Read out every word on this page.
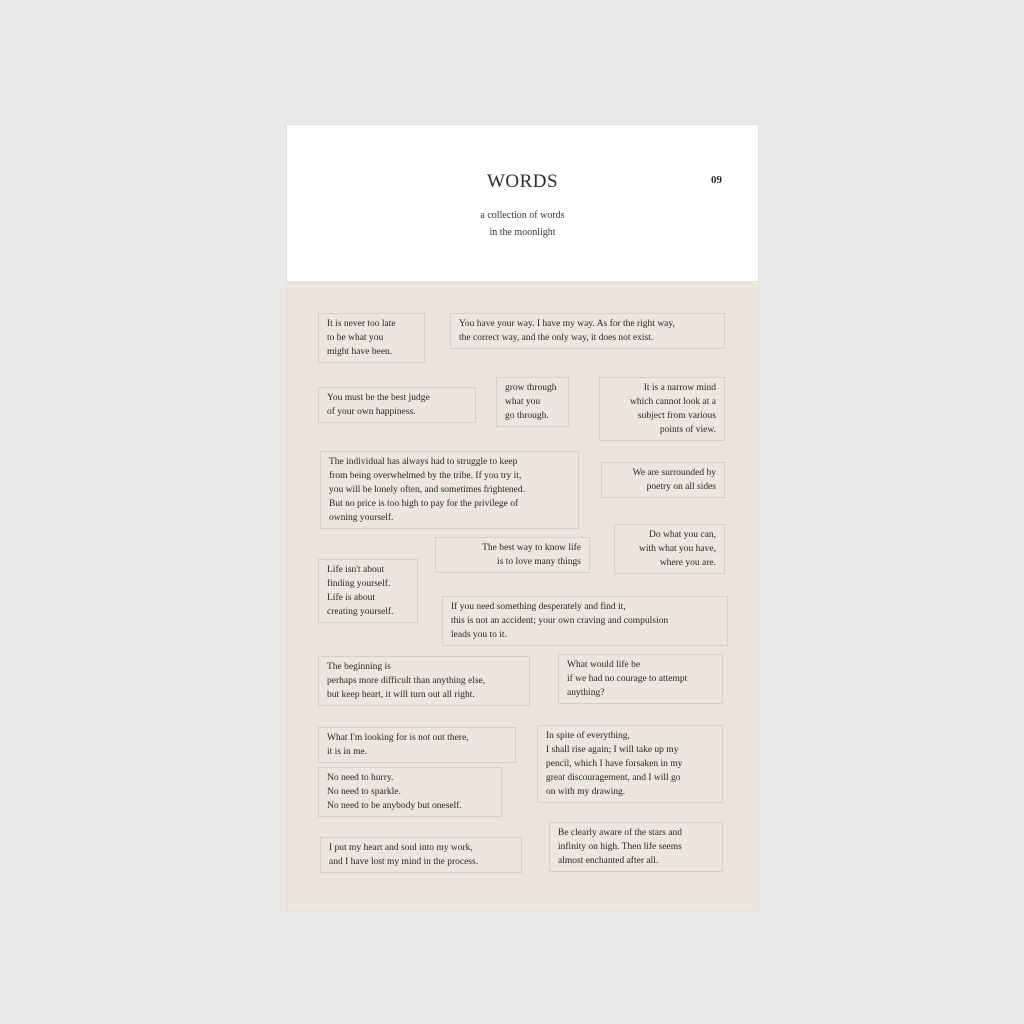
WORDS	09
a collection of words
in the moonlight
It is never too late
to be what you
might have been.
You have your way. I have my way. As for the right way,
the correct way, and the only way, it does not exist.
You must be the best judge
of your own happiness.
grow through
what you
go through.
It is a narrow mind
which cannot look at a
subject from various
points of view.
The individual has always had to struggle to keep
from being overwhelmed by the tribe. If you try it,
you will be lonely often, and sometimes frightened.
But no price is too high to pay for the privilege of
owning yourself.
We are surrounded by
poetry on all sides
The best way to know life
is to love many things
Do what you can,
with what you have,
where you are.
Life isn't about
finding yourself.
Life is about
creating yourself.	If you need something desperately and find it,
this is not an accident; your own craving and compulsion
leads you to it.
The beginning is
perhaps more difficult than anything else,
but keep heart, it will turn out all right.
What would life be
if we had no courage to attempt
anything?
What I'm looking for is not out there,
it is in me.
In spite of everything,
I shall rise again; I will take up my
pencil, which I have forsaken in my
great discouragement, and I will go
on with my drawing.
No need to hurry.
No need to sparkle.
No need to be anybody but oneself.
I put my heart and soul into my work,
and I have lost my mind in the process.
Be clearly aware of the stars and
infinity on high. Then life seems
almost enchanted after all.
